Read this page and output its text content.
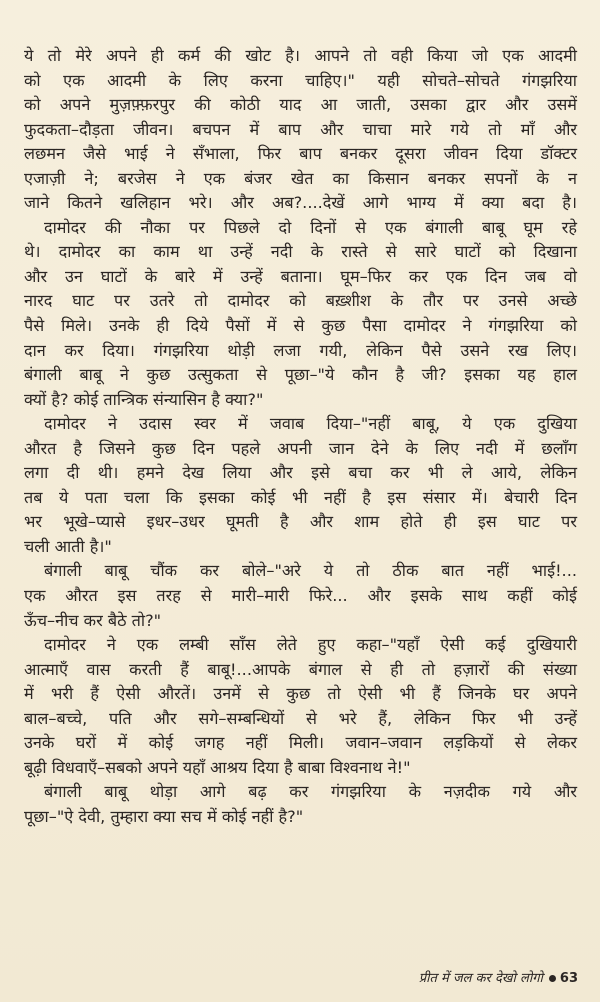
ये तो मेरे अपने ही कर्म की खोट है। आपने तो वही किया जो एक आदमी
को एक आदमी के लिए करना चाहिए।" यही सोचते–सोचते गंगझरिया
को अपने मुज़फ़्फ़रपुर की कोठी याद आ जाती, उसका द्वार और उसमें
फुदकता–दौड़ता जीवन। बचपन में बाप और चाचा मारे गये तो माँ और
लछमन जैसे भाई ने सँभाला, फिर बाप बनकर दूसरा जीवन दिया डॉक्टर
एजाज़ी ने; बरजेस ने एक बंजर खेत का किसान बनकर सपनों के न
जाने कितने खलिहान भरे। और अब?....देखें आगे भाग्य में क्या बदा है।

दामोदर की नौका पर पिछले दो दिनों से एक बंगाली बाबू घूम रहे
थे। दामोदर का काम था उन्हें नदी के रास्ते से सारे घाटों को दिखाना
और उन घाटों के बारे में उन्हें बताना। घूम–फिर कर एक दिन जब वो
नारद घाट पर उतरे तो दामोदर को बख़्शीश के तौर पर उनसे अच्छे
पैसे मिले। उनके ही दिये पैसों में से कुछ पैसा दामोदर ने गंगझरिया को
दान कर दिया। गंगझरिया थोड़ी लजा गयी, लेकिन पैसे उसने रख लिए।
बंगाली बाबू ने कुछ उत्सुकता से पूछा–"ये कौन है जी? इसका यह हाल
क्यों है? कोई तान्त्रिक संन्यासिन है क्या?"

दामोदर ने उदास स्वर में जवाब दिया–"नहीं बाबू, ये एक दुखिया
औरत है जिसने कुछ दिन पहले अपनी जान देने के लिए नदी में छलाँग
लगा दी थी। हमने देख लिया और इसे बचा कर भी ले आये, लेकिन
तब ये पता चला कि इसका कोई भी नहीं है इस संसार में। बेचारी दिन
भर भूखे–प्यासे इधर–उधर घूमती है और शाम होते ही इस घाट पर
चली आती है।"

बंगाली बाबू चौंक कर बोले–"अरे ये तो ठीक बात नहीं भाई!...
एक औरत इस तरह से मारी–मारी फिरे... और इसके साथ कहीं कोई
ऊँच–नीच कर बैठे तो?"

दामोदर ने एक लम्बी साँस लेते हुए कहा–"यहाँ ऐसी कई दुखियारी
आत्माएँ वास करती हैं बाबू!...आपके बंगाल से ही तो हज़ारों की संख्या
में भरी हैं ऐसी औरतें। उनमें से कुछ तो ऐसी भी हैं जिनके घर अपने
बाल–बच्चे, पति और सगे–सम्बन्धियों से भरे हैं, लेकिन फिर भी उन्हें
उनके घरों में कोई जगह नहीं मिली। जवान–जवान लड़कियों से लेकर
बूढ़ी विधवाएँ–सबको अपने यहाँ आश्रय दिया है बाबा विश्वनाथ ने!"

बंगाली बाबू थोड़ा आगे बढ़ कर गंगझरिया के नज़दीक गये और
पूछा–"ऐ देवी, तुम्हारा क्या सच में कोई नहीं है?"

प्रीत में जल कर देखो लोगो 63
